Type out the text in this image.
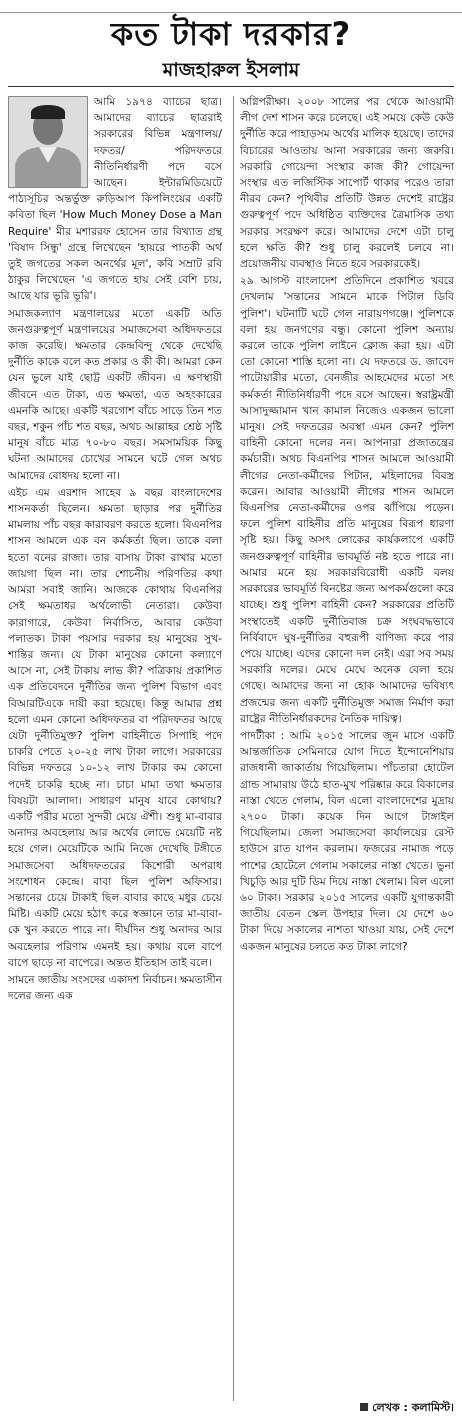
কত টাকা দরকার?
মাজহারুল ইসলাম

আমি ১৯৭৪ ব্যাচের ছাত্র। আমাদের ব্যাচের ছাত্ররাই সরকারের বিভিন্ন মন্ত্রণালয়/ দফতর/ পরিদফতরে নীতিনির্ধারণী পদে বসে আছেন। ইন্টারমিডিয়েটে পাঠ্যসূচির অন্তর্ভুক্ত রুড়িআপ কিপলিংয়ের একটি কবিতা ছিল 'How Much Money Dose a Man Require' মীর মশাররফ হোসেন তার বিখ্যাত গ্রন্থ 'বিষাদ সিন্ধু' গ্রন্থে লিখেছেন 'হায়রে পাতকী অর্থ তুই জগতের সকল অনর্থের মূল', কবি সম্রাট রবি ঠাকুর লিখেছেন 'এ জগতে হায় সেই বেশি চায়, আছে যার ভূরি ভূরি'।

সমাজকল্যাণ মন্ত্রণালয়ের মতো একটি অতি জনগুরুত্বপূর্ণ মন্ত্রণালয়ের সমাজসেবা অধিদফতরে কাজ করেছি। ক্ষমতার কেন্দ্রবিন্দু থেকে দেখেছি দুর্নীতি কাকে বলে কত প্রকার ও কী কী। আমরা কেন যেন ভুলে যাই ছোট্ট একটি জীবন। এ ক্ষণস্থায়ী জীবনে এত টাকা, এত ক্ষমতা, এত অহংকারের এমনকি আছে। একটি খরগোশ বাঁচে সাড়ে তিন শত বছর, শকুন পাঁচ শত বছর, অথচ আল্লাহর শ্রেষ্ঠ সৃষ্টি মানুষ বাঁচে মাত্র ৭০-৮০ বছর। সমসাময়িক কিছু ঘটনা আমাদের চোখের সামনে ঘটে গেল অথচ আমাদের বোধদয় হলো না।

এইচ এম এরশাদ সাহেব ৯ বছর বাংলাদেশের শাসনকর্তা ছিলেন। ক্ষমতা ছাড়ার পর দুর্নীতির মামলায় পাঁচ বছর কারাবরণ করতে হলো। বিএনপির শাসন আমলে এক বন কর্মকর্তা ছিল। তাকে বলা হতো বনের রাজা। তার বাসায় টাকা রাখার মতো জায়গা ছিল না। তার শোচনীয় পরিণতির কথা আমরা সবাই জানি। আজকে কোথায় বিএনপির সেই ক্ষমতাধর অর্থলোভী নেতারা। কেউবা কারাগারে, কেউবা নির্বাসিত, আবার কেউবা পলাতক। টাকা পয়সার দরকার হয় মানুষের সুখ-শান্তির জন্য। যে টাকা মানুষের কোনো কল্যাণে আসে না, সেই টাকায় লাভ কী? পত্রিকায় প্রকাশিত এক প্রতিবেদনে দুর্নীতির জন্য পুলিশ বিভাগ এবং বিআরটিএকে দায়ী করা হয়েছে। কিন্তু আমার প্রশ্ন হলো এমন কোনো অধিদফতর বা পরিদফতর আছে যেটা দুর্নীতিমুক্ত? পুলিশ বাহিনীতে সিপাহি পদে চাকরি পেতে ২০-২৫ লাখ টাকা লাগে। সরকারের বিভিন্ন দফতরে ১০-১২ লাখ টাকার কম কোনো পদেই চাকরি হচ্ছে না। চাচা মামা তথা ক্ষমতার বিষয়টা আলাদা। সাধারণ মানুষ যাবে কোথায়? একটি পরীর মতো সুন্দরী মেয়ে ঐশী। শুধু মা-বাবার অনাদর অবহেলায় আর অর্থের লোভে মেয়েটি নষ্ট হয়ে গেল। মেয়েটিকে আমি নিজে দেখেছি টঙ্গীতে সমাজসেবা অধিদফতরের কিশোরী অপরাধ সংশোধন কেন্দ্রে। বাবা ছিল পুলিশ অফিসার। সন্তানের চেয়ে টাকাই ছিল বাবার কাছে মধুর চেয়ে মিষ্টি। একটি মেয়ে হঠাৎ করে স্বজ্ঞানে তার মা-বাবা-কে খুন করতে পারে না। দীর্ঘদিন শুধু অনাদর আর অবহেলার পরিণাম এমনই হয়। কথায় বলে বাপে বাপে ছাড়ে না বাপেরে। অন্তত ইতিহাস তাই বলে।

সামনে জাতীয় সংসদের একাদশ নির্বাচন। ক্ষমতাসীন দলের জন্য এক

অগ্নিপরীক্ষা। ২০০৮ সালের পর থেকে আওয়ামী লীগ দেশ শাসন করে চলেছে। এই সময়ে কেউ কেউ দুর্নীতি করে পাহাড়সম অর্থের মালিক হয়েছে। তাদের বিচারের আওতায় আনা সরকারের জন্য জরুরি। সরকারি গোয়েন্দা সংস্থার কাজ কী? গোয়েন্দা সংস্থার এত লজিস্টিক সাপোর্ট থাকার পরেও তারা নীরব কেন? পৃথিবীর প্রতিটি উন্নত দেশেই রাষ্ট্রের গুরুত্বপূর্ণ পদে অধিষ্ঠিত ব্যক্তিদের ত্রৈমাসিক তথ্য সরকার সংরক্ষণ করে। আমাদের দেশে এটা চালু হলে ক্ষতি কী? শুধু চালু করলেই চলবে না। প্রয়োজনীয় ব্যবস্থাও নিতে হবে সরকারকেই।

২৯ আগস্ট বাংলাদেশ প্রতিদিনে প্রকাশিত খবরে দেখলাম 'সন্তানের সামনে মাকে পিটাল ডিবি পুলিশ'। ঘটনাটি ঘটে গেল নারায়ণগঞ্জে। পুলিশকে বলা হয় জনগণের বন্ধু। কোনো পুলিশ অন্যায় করলে তাকে পুলিশ লাইনে ক্লোজ করা হয়। এটা তো কোনো শাস্তি হলো না। যে দফতরে ড. জাবেদ পাটোয়ারীর মতো, বেনজীর আহমেদের মতো সৎ কর্মকর্তা নীতিনির্ধারণী পদে বসে আছেন। স্বরাষ্ট্রমন্ত্রী আসাদুজ্জামান খান কামাল নিজেও একজন ভালো মানুষ। সেই দফতরের অবস্থা এমন কেন? পুলিশ বাহিনী কোনো দলের নন। আপনারা প্রজাতন্ত্রের কর্মচারী। অথচ বিএনপির শাসন আমলে আওয়ামী লীগের নেতা-কর্মীদের পিটান, মহিলাদের বিবস্ত্র করেন। আবার আওয়ামী লীগের শাসন আমলে বিএনপির নেতা-কর্মীদের ওপর ঝাঁপিয়ে পড়েন। ফলে পুলিশ বাহিনীর প্রতি মানুষের বিরূপ ধারণা সৃষ্টি হয়। কিছু অসৎ লোকের কার্যকলাপে একটি জনগুরুত্বপূর্ণ বাহিনীর ভাবমূর্তি নষ্ট হতে পারে না। আমার মনে হয় সরকারবিরোধী একটি বলয় সরকারের ভাবমূর্তি বিনষ্টের জন্য অপকর্মগুলো করে যাচ্ছে। শুধু পুলিশ বাহিনী কেন? সরকারের প্রতিটি সংস্থাতেই একটি দুর্নীতিবাজ চক্র সংঘবদ্ধভাবে নির্বিবাদে ঘুষ-দুর্নীতির বহুরূপী বাণিজ্য করে পার পেয়ে যাচ্ছে। এদের কোনো দল নেই। এরা সব সময় সরকারি দলের। মেঘে মেঘে অনেক বেলা হয়ে গেছে। আমাদের জন্য না হোক আমাদের ভবিষ্যৎ প্রজন্মের জন্য একটি দুর্নীতিমুক্ত সমাজ নির্মাণ করা রাষ্ট্রের নীতিনির্ধারকদের নৈতিক দায়িত্ব।

পাদটীকা : আমি ২০১৫ সালের জুন মাসে একটি আন্তর্জাতিক সেমিনারে যোগ দিতে ইন্দোনেশিয়ার রাজধানী জাকার্তায় গিয়েছিলাম। পাঁচতারা হোটেল গ্রান্ড সামারায় উঠে হাত-মুখ পরিষ্কার করে বিকালের নাস্তা খেতে গেলাম, বিল এলো বাংলাদেশের মুদ্রায় ২৭০০ টাকা। কয়েক দিন আগে টাঙ্গাইল গিয়েছিলাম। জেলা সমাজসেবা কার্যালয়ের রেস্ট হাউসে রাত যাপন করলাম। ফজরের নামাজ পড়ে পাশের হোটেলে গেলাম সকালের নাস্তা খেতে। ভুনা খিচুড়ি আর দুটি ডিম দিয়ে নাস্তা খেলাম। বিল এলো ৬০ টাকা। সরকার ২০১৫ সালের একটি যুগান্তকারী জাতীয় বেতন স্কেল উপহার দিল। যে দেশে ৬০ টাকা দিয়ে সকালের নাশতা খাওয়া যায়, সেই দেশে একজন মানুষের চলতে কত টাকা লাগে?

লেখক : কলামিস্ট।
